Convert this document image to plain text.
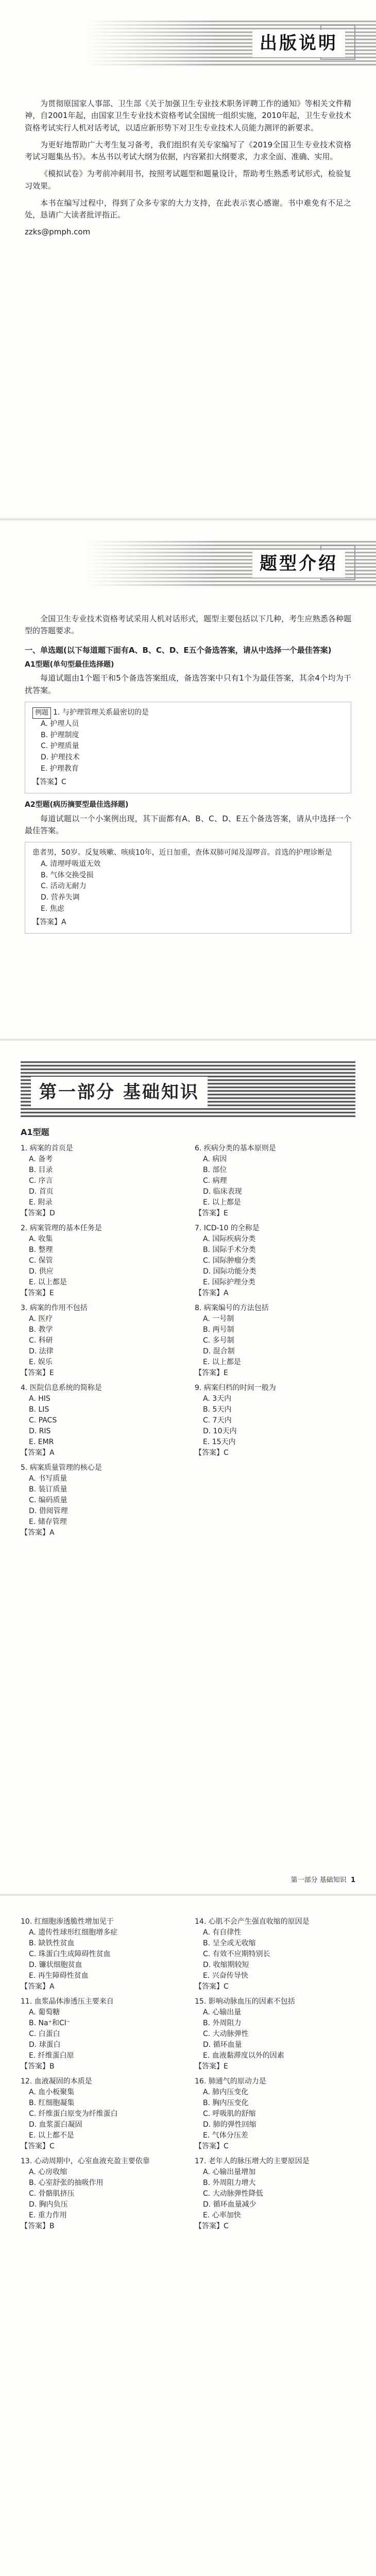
出版说明

为贯彻原国家人事部、卫生部《关于加强卫生专业技术职务评聘工作的通知》等相关文件精神，自2001年起，由国家卫生专业技术资格考试全国统一组织实施，2010年起，卫生专业技术资格考试实行人机对话考试，以适应新形势下对卫生专业技术人员能力测评的新要求。

为更好地帮助广大考生复习备考，我们组织有关专家编写了《2019全国卫生专业技术资格考试习题集丛书》。本丛书以考试大纲为依据，内容紧扣大纲要求，力求全面、准确、实用。

《模拟试卷》为考前冲刺用书，按照考试题型和题量设计，帮助考生熟悉考试形式，检验复习效果。

本书在编写过程中，得到了众多专家的大力支持，在此表示衷心感谢。书中难免有不足之处，恳请广大读者批评指正。

zzks@pmph.com
题型介绍

全国卫生专业技术资格考试采用人机对话形式，题型主要包括以下几种，考生应熟悉各种题型的答题要求。

一、单选题(以下每道题下面有A、B、C、D、E五个备选答案，请从中选择一个最佳答案)
A1型题(单句型最佳选择题)

每道试题由1个题干和5个备选答案组成，备选答案中只有1个为最佳答案，其余4个均为干扰答案。

例题 1. 与护理管理关系最密切的是
A. 护理人员
B. 护理制度
C. 护理质量
D. 护理技术
E. 护理教育
【答案】C
A2型题(病历摘要型最佳选择题)

每道试题以一个小案例出现，其下面都有A、B、C、D、E五个备选答案，请从中选择一个最佳答案。

患者男，50岁。反复咳嗽、咳痰10年，近日加重，查体双肺可闻及湿啰音。首选的护理诊断是
A. 清理呼吸道无效
B. 气体交换受损
C. 活动无耐力
D. 营养失调
E. 焦虑
【答案】A
第一部分 基础知识
A1型题
1. 病案的首页是
A. 备考
B. 目录
C. 序言
D. 首页
E. 附录
【答案】D
2. 病案管理的基本任务是
A. 收集
B. 整理
C. 保管
D. 供应
E. 以上都是
【答案】E
3. 病案的作用不包括
A. 医疗
B. 教学
C. 科研
D. 法律
E. 娱乐
【答案】E
4. 医院信息系统的简称是
A. HIS
B. LIS
C. PACS
D. RIS
E. EMR
【答案】A
5. 病案质量管理的核心是
A. 书写质量
B. 装订质量
C. 编码质量
D. 借阅管理
E. 储存管理
【答案】A
6. 疾病分类的基本原则是
A. 病因
B. 部位
C. 病理
D. 临床表现
E. 以上都是
【答案】E
7. ICD-10 的全称是
A. 国际疾病分类
B. 国际手术分类
C. 国际肿瘤分类
D. 国际功能分类
E. 国际护理分类
【答案】A
8. 病案编号的方法包括
A. 一号制
B. 两号制
C. 多号制
D. 混合制
E. 以上都是
【答案】E
9. 病案归档的时间一般为
A. 3天内
B. 5天内
C. 7天内
D. 10天内
E. 15天内
【答案】C
第一部分 基础知识 1
10. 红细胞渗透脆性增加见于
A. 遗传性球形红细胞增多症
B. 缺铁性贫血
C. 珠蛋白生成障碍性贫血
D. 镰状细胞贫血
E. 再生障碍性贫血
【答案】A
11. 血浆晶体渗透压主要来自
A. 葡萄糖
B. Na⁺和Cl⁻
C. 白蛋白
D. 球蛋白
E. 纤维蛋白原
【答案】B
12. 血液凝固的本质是
A. 血小板聚集
B. 红细胞凝集
C. 纤维蛋白原变为纤维蛋白
D. 血浆蛋白凝固
E. 以上都不是
【答案】C
13. 心动周期中，心室血液充盈主要依靠
A. 心房收缩
B. 心室舒张的抽吸作用
C. 骨骼肌挤压
D. 胸内负压
E. 重力作用
【答案】B
14. 心肌不会产生强直收缩的原因是
A. 有自律性
B. 呈全或无收缩
C. 有效不应期特别长
D. 收缩期较短
E. 兴奋传导快
【答案】C
15. 影响动脉血压的因素不包括
A. 心输出量
B. 外周阻力
C. 大动脉弹性
D. 循环血量
E. 血液黏滞度以外的因素
【答案】E
16. 肺通气的原动力是
A. 肺内压变化
B. 胸内压变化
C. 呼吸肌的舒缩
D. 肺的弹性回缩
E. 气体分压差
【答案】C
17. 老年人的脉压增大的主要原因是
A. 心输出量增加
B. 外周阻力增大
C. 大动脉弹性降低
D. 循环血量减少
E. 心率加快
【答案】C
